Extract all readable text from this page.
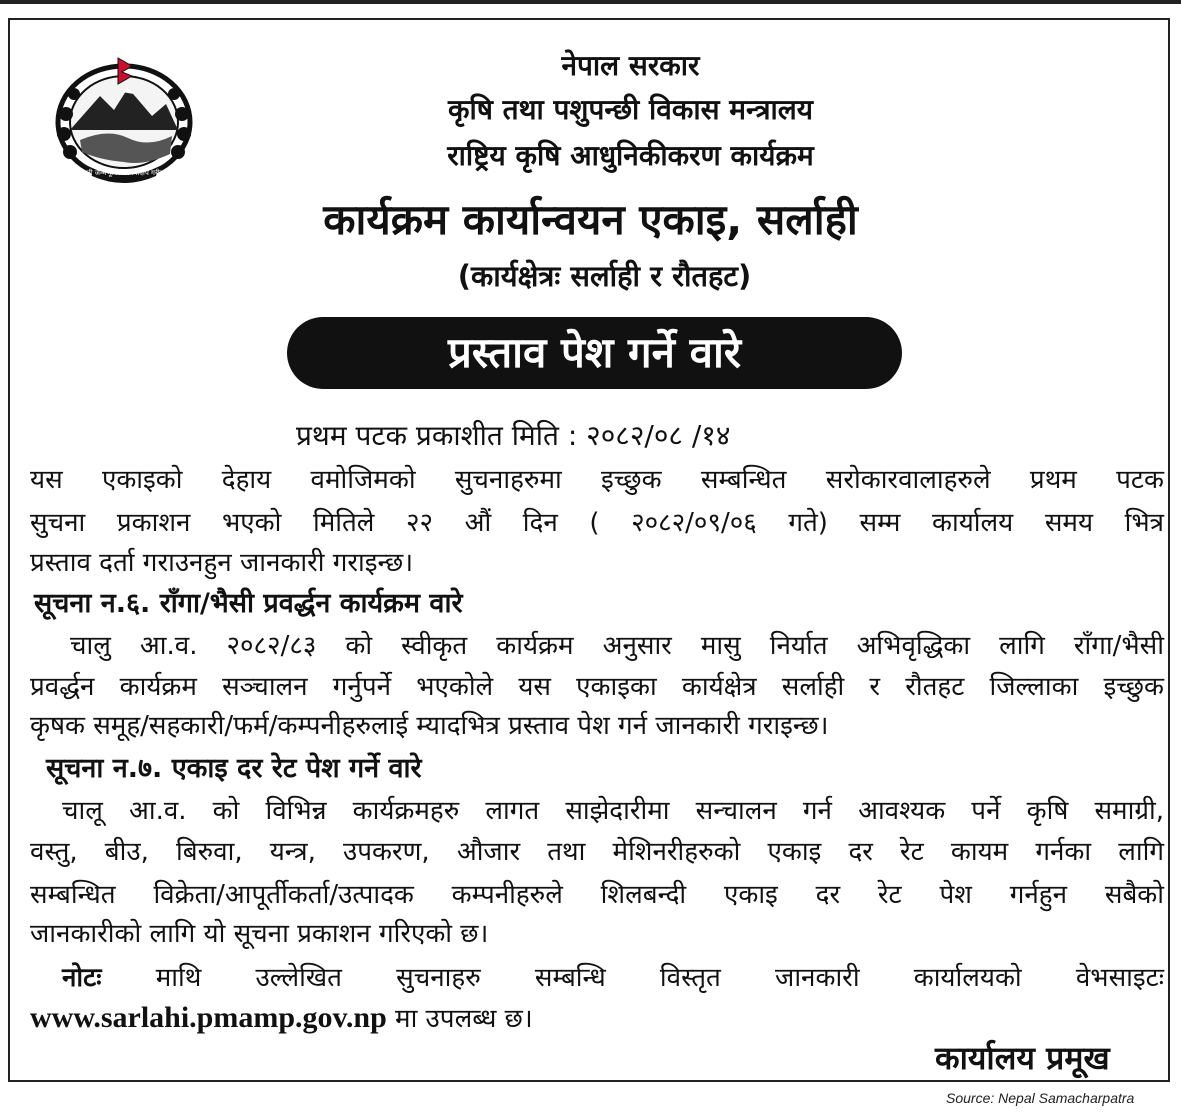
जननी जन्मभूमिश्च स्वर्गादपि गरीयसी
नेपाल सरकार
कृषि तथा पशुपन्छी विकास मन्त्रालय
राष्ट्रिय कृषि आधुनिकीकरण कार्यक्रम
कार्यक्रम कार्यान्वयन एकाइ, सर्लाही
(कार्यक्षेत्रः सर्लाही र रौतहट)
प्रस्ताव पेश गर्ने वारे
प्रथम पटक प्रकाशीत मिति : २०८२/०८ /१४
यस एकाइको देहाय वमोजिमको सुचनाहरुमा इच्छुक सम्बन्धित सरोकारवालाहरुले प्रथम पटक
सुचना प्रकाशन भएको मितिले २२ औं दिन ( २०८२/०९/०६ गते) सम्म कार्यालय समय भित्र
प्रस्ताव दर्ता गराउनहुन जानकारी गराइन्छ।
सूचना न.६. राँगा/भैसी प्रवर्द्धन कार्यक्रम वारे
चालु आ.व. २०८२/८३ को स्वीकृत कार्यक्रम अनुसार मासु निर्यात अभिवृद्धिका लागि राँगा/भैसी
प्रवर्द्धन कार्यक्रम सञ्चालन गर्नुपर्ने भएकोले यस एकाइका कार्यक्षेत्र सर्लाही र रौतहट जिल्लाका इच्छुक
कृषक समूह/सहकारी/फर्म/कम्पनीहरुलाई म्यादभित्र प्रस्ताव पेश गर्न जानकारी गराइन्छ।
सूचना न.७. एकाइ दर रेट पेश गर्ने वारे
चालू आ.व. को विभिन्न कार्यक्रमहरु लागत साझेदारीमा सन्चालन गर्न आवश्यक पर्ने कृषि समाग्री,
वस्तु, बीउ, बिरुवा, यन्त्र, उपकरण, औजार तथा मेशिनरीहरुको एकाइ दर रेट कायम गर्नका लागि
सम्बन्धित विक्रेता/आपूर्तीकर्ता/उत्पादक कम्पनीहरुले शिलबन्दी एकाइ दर रेट पेश गर्नहुन सबैको
जानकारीको लागि यो सूचना प्रकाशन गरिएको छ।
नोटः माथि उल्लेखित सुचनाहरु सम्बन्धि विस्तृत जानकारी कार्यालयको वेभसाइटः
www.sarlahi.pmamp.gov.np मा उपलब्ध छ।
कार्यालय प्रमूख
Source: Nepal Samacharpatra
